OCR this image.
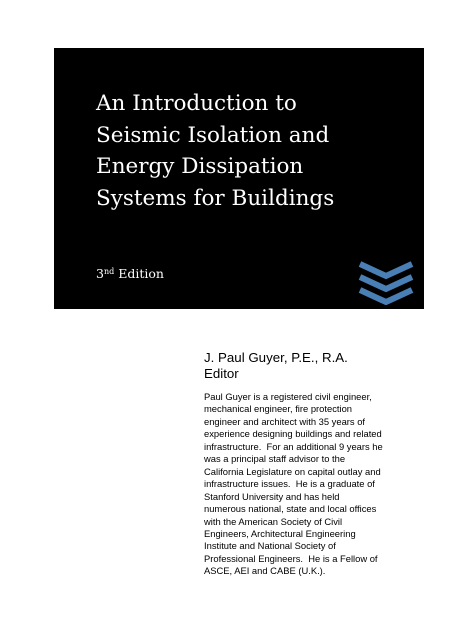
An Introduction to
Seismic Isolation and
Energy Dissipation
Systems for Buildings
3nd Edition

J. Paul Guyer, P.E., R.A.

Editor

Paul Guyer is a registered civil engineer,
mechanical engineer, fire protection
engineer and architect with 35 years of
experience designing buildings and related
infrastructure.  For an additional 9 years he
was a principal staff advisor to the
California Legislature on capital outlay and
infrastructure issues.  He is a graduate of
Stanford University and has held
numerous national, state and local offices
with the American Society of Civil
Engineers, Architectural Engineering
Institute and National Society of
Professional Engineers.  He is a Fellow of
ASCE, AEI and CABE (U.K.).
